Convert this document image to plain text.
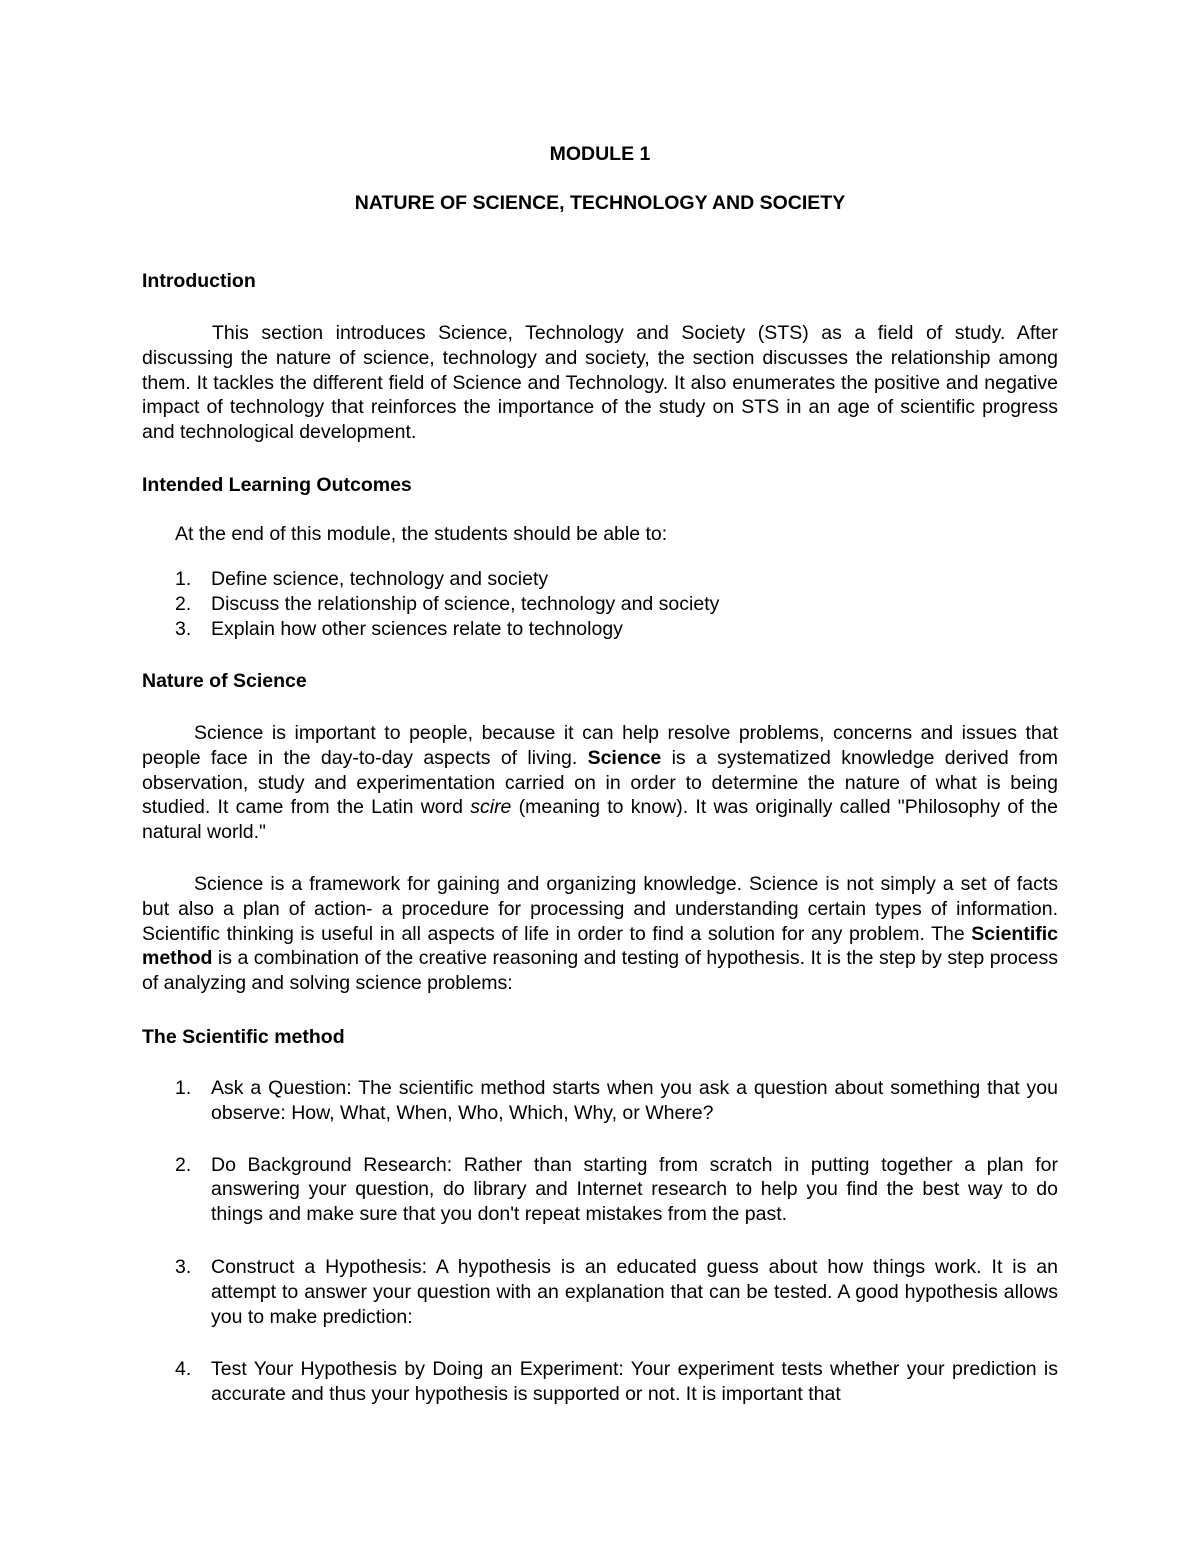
MODULE 1
NATURE OF SCIENCE, TECHNOLOGY AND SOCIETY
Introduction
This section introduces Science, Technology and Society (STS) as a field of study. After discussing the nature of science, technology and society, the section discusses the relationship among them. It tackles the different field of Science and Technology. It also enumerates the positive and negative impact of technology that reinforces the importance of the study on STS in an age of scientific progress and technological development.
Intended Learning Outcomes
At the end of this module, the students should be able to:
1. Define science, technology and society
2. Discuss the relationship of science, technology and society
3. Explain how other sciences relate to technology
Nature of Science
Science is important to people, because it can help resolve problems, concerns and issues that people face in the day-to-day aspects of living. Science is a systematized knowledge derived from observation, study and experimentation carried on in order to determine the nature of what is being studied. It came from the Latin word scire (meaning to know). It was originally called "Philosophy of the natural world."
Science is a framework for gaining and organizing knowledge. Science is not simply a set of facts but also a plan of action- a procedure for processing and understanding certain types of information. Scientific thinking is useful in all aspects of life in order to find a solution for any problem. The Scientific method is a combination of the creative reasoning and testing of hypothesis. It is the step by step process of analyzing and solving science problems:
The Scientific method
1. Ask a Question: The scientific method starts when you ask a question about something that you observe: How, What, When, Who, Which, Why, or Where?
2. Do Background Research: Rather than starting from scratch in putting together a plan for answering your question, do library and Internet research to help you find the best way to do things and make sure that you don't repeat mistakes from the past.
3. Construct a Hypothesis: A hypothesis is an educated guess about how things work. It is an attempt to answer your question with an explanation that can be tested. A good hypothesis allows you to make prediction:
4. Test Your Hypothesis by Doing an Experiment: Your experiment tests whether your prediction is accurate and thus your hypothesis is supported or not. It is important that
